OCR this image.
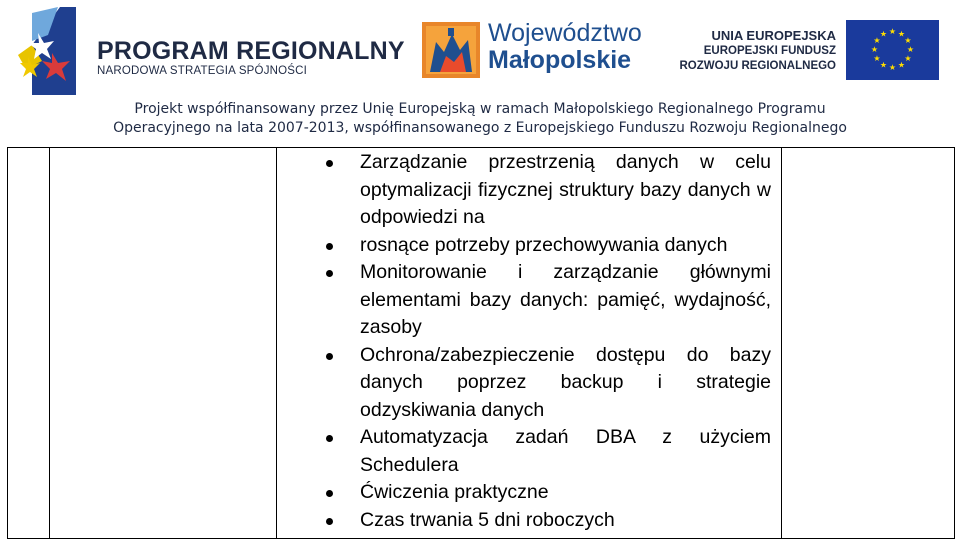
PROGRAM REGIONALNY
NARODOWA STRATEGIA SPÓJNOŚCI
Województwo
Małopolskie
UNIA EUROPEJSKA
EUROPEJSKI FUNDUSZ
ROZWOJU REGIONALNEGO
★ ★
★
★
★
★
★
★
★
★
★
★
Projekt współfinansowany przez Unię Europejską w ramach Małopolskiego Regionalnego Programu
Operacyjnego na lata 2007-2013, współfinansowanego z Europejskiego Funduszu Rozwoju Regionalnego
Zarządzanie przestrzenią danych w celu optymalizacji fizycznej struktury bazy danych w odpowiedzi na
rosnące potrzeby przechowywania danych
Monitorowanie i zarządzanie głównymi elementami bazy danych: pamięć, wydajność, zasoby
Ochrona/zabezpieczenie dostępu do bazy danych poprzez backup i strategie odzyskiwania danych
Automatyzacja zadań DBA z użyciem Schedulera
Ćwiczenia praktyczne
Czas trwania 5 dni roboczych
